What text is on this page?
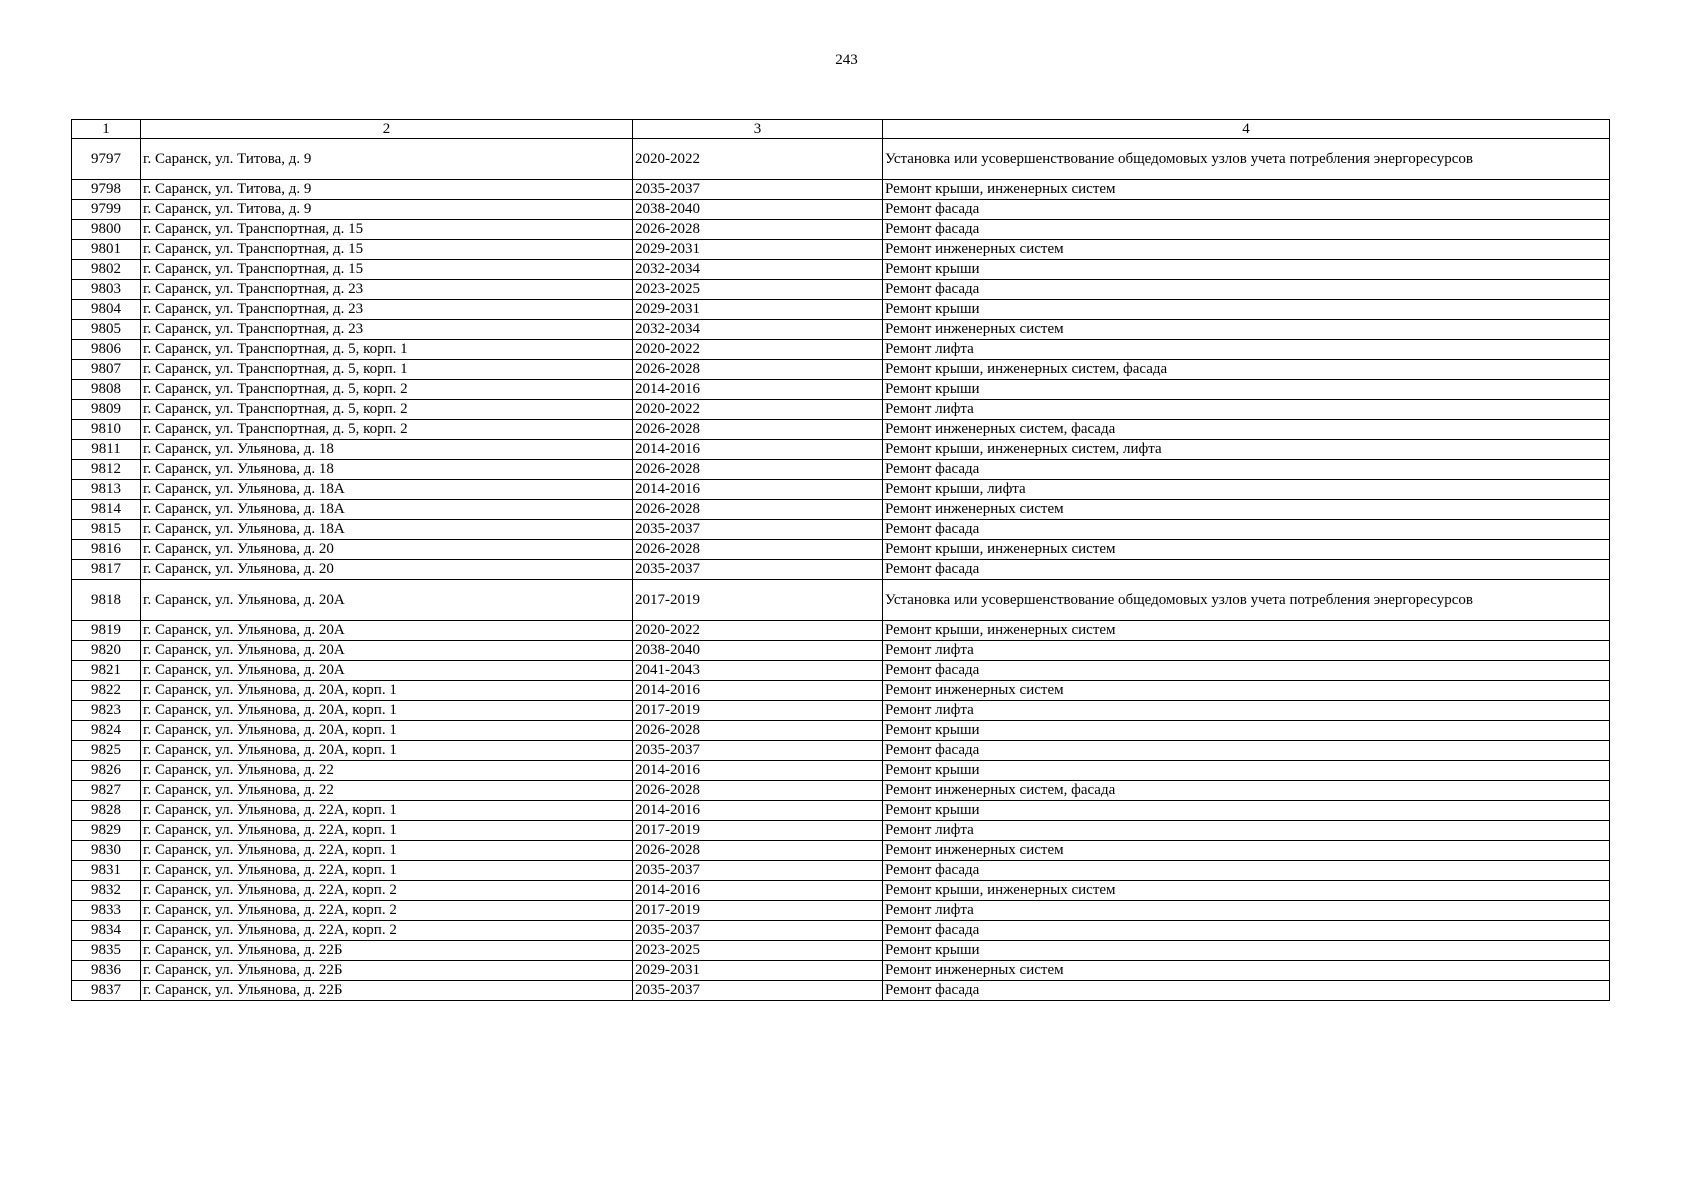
243
1	2	3	4
9797	г. Саранск, ул. Титова, д. 9	2020-2022	Установка или усовершенствование общедомовых узлов учета потребления энергоресурсов
9798	г. Саранск, ул. Титова, д. 9	2035-2037	Ремонт крыши, инженерных систем
9799	г. Саранск, ул. Титова, д. 9	2038-2040	Ремонт фасада
9800	г. Саранск, ул. Транспортная, д. 15	2026-2028	Ремонт фасада
9801	г. Саранск, ул. Транспортная, д. 15	2029-2031	Ремонт инженерных систем
9802	г. Саранск, ул. Транспортная, д. 15	2032-2034	Ремонт крыши
9803	г. Саранск, ул. Транспортная, д. 23	2023-2025	Ремонт фасада
9804	г. Саранск, ул. Транспортная, д. 23	2029-2031	Ремонт крыши
9805	г. Саранск, ул. Транспортная, д. 23	2032-2034	Ремонт инженерных систем
9806	г. Саранск, ул. Транспортная, д. 5, корп. 1	2020-2022	Ремонт лифта
9807	г. Саранск, ул. Транспортная, д. 5, корп. 1	2026-2028	Ремонт крыши, инженерных систем, фасада
9808	г. Саранск, ул. Транспортная, д. 5, корп. 2	2014-2016	Ремонт крыши
9809	г. Саранск, ул. Транспортная, д. 5, корп. 2	2020-2022	Ремонт лифта
9810	г. Саранск, ул. Транспортная, д. 5, корп. 2	2026-2028	Ремонт инженерных систем, фасада
9811	г. Саранск, ул. Ульянова, д. 18	2014-2016	Ремонт крыши, инженерных систем, лифта
9812	г. Саранск, ул. Ульянова, д. 18	2026-2028	Ремонт фасада
9813	г. Саранск, ул. Ульянова, д. 18А	2014-2016	Ремонт крыши, лифта
9814	г. Саранск, ул. Ульянова, д. 18А	2026-2028	Ремонт инженерных систем
9815	г. Саранск, ул. Ульянова, д. 18А	2035-2037	Ремонт фасада
9816	г. Саранск, ул. Ульянова, д. 20	2026-2028	Ремонт крыши, инженерных систем
9817	г. Саранск, ул. Ульянова, д. 20	2035-2037	Ремонт фасада
9818	г. Саранск, ул. Ульянова, д. 20А	2017-2019	Установка или усовершенствование общедомовых узлов учета потребления энергоресурсов
9819	г. Саранск, ул. Ульянова, д. 20А	2020-2022	Ремонт крыши, инженерных систем
9820	г. Саранск, ул. Ульянова, д. 20А	2038-2040	Ремонт лифта
9821	г. Саранск, ул. Ульянова, д. 20А	2041-2043	Ремонт фасада
9822	г. Саранск, ул. Ульянова, д. 20А, корп. 1	2014-2016	Ремонт инженерных систем
9823	г. Саранск, ул. Ульянова, д. 20А, корп. 1	2017-2019	Ремонт лифта
9824	г. Саранск, ул. Ульянова, д. 20А, корп. 1	2026-2028	Ремонт крыши
9825	г. Саранск, ул. Ульянова, д. 20А, корп. 1	2035-2037	Ремонт фасада
9826	г. Саранск, ул. Ульянова, д. 22	2014-2016	Ремонт крыши
9827	г. Саранск, ул. Ульянова, д. 22	2026-2028	Ремонт инженерных систем, фасада
9828	г. Саранск, ул. Ульянова, д. 22А, корп. 1	2014-2016	Ремонт крыши
9829	г. Саранск, ул. Ульянова, д. 22А, корп. 1	2017-2019	Ремонт лифта
9830	г. Саранск, ул. Ульянова, д. 22А, корп. 1	2026-2028	Ремонт инженерных систем
9831	г. Саранск, ул. Ульянова, д. 22А, корп. 1	2035-2037	Ремонт фасада
9832	г. Саранск, ул. Ульянова, д. 22А, корп. 2	2014-2016	Ремонт крыши, инженерных систем
9833	г. Саранск, ул. Ульянова, д. 22А, корп. 2	2017-2019	Ремонт лифта
9834	г. Саранск, ул. Ульянова, д. 22А, корп. 2	2035-2037	Ремонт фасада
9835	г. Саранск, ул. Ульянова, д. 22Б	2023-2025	Ремонт крыши
9836	г. Саранск, ул. Ульянова, д. 22Б	2029-2031	Ремонт инженерных систем
9837	г. Саранск, ул. Ульянова, д. 22Б	2035-2037	Ремонт фасада
